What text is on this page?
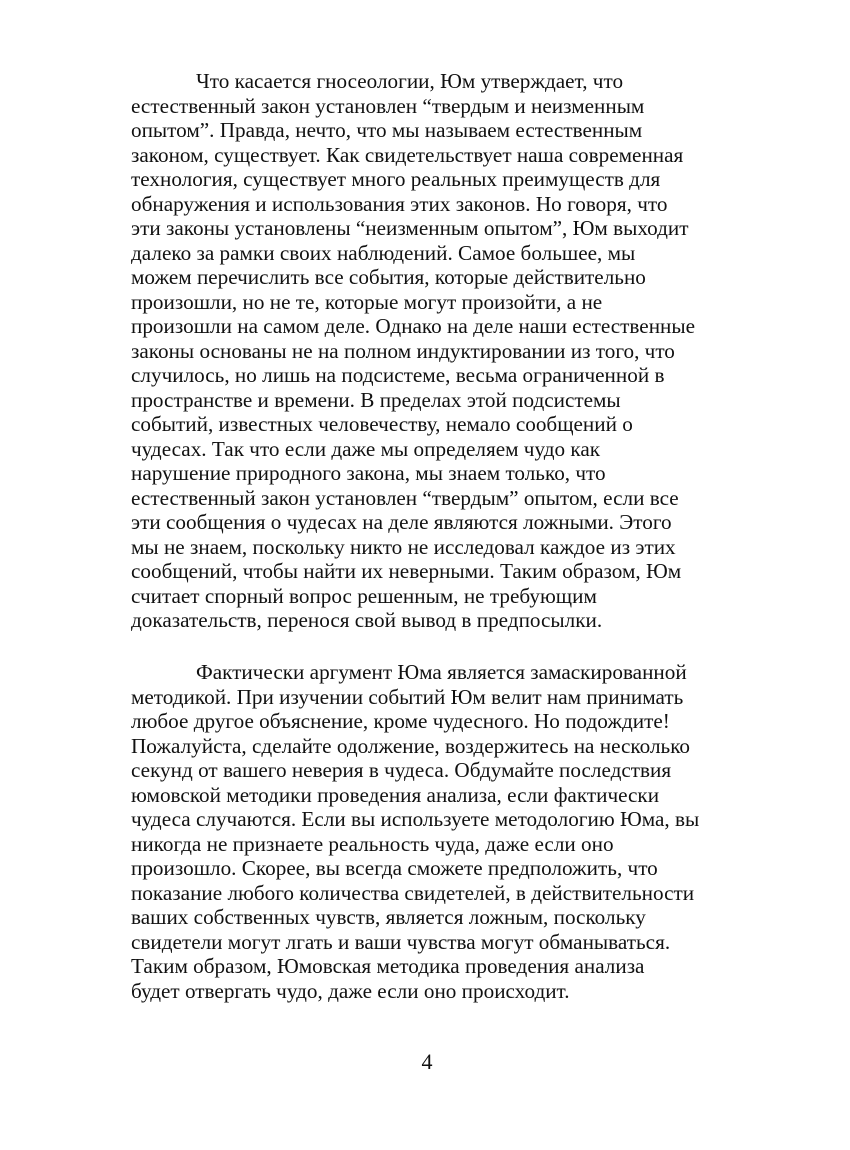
Что касается гносеологии, Юм утверждает, что
естественный закон установлен “твердым и неизменным
опытом”. Правда, нечто, что мы называем естественным
законом, существует. Как свидетельствует наша современная
технология, существует много реальных преимуществ для
обнаружения и использования этих законов. Но говоря, что
эти законы установлены “неизменным опытом”, Юм выходит
далеко за рамки своих наблюдений. Самое большее, мы
можем перечислить все события, которые действительно
произошли, но не те, которые могут произойти, а не
произошли на самом деле. Однако на деле наши естественные
законы основаны не на полном индуктировании из того, что
случилось, но лишь на подсистеме, весьма ограниченной в
пространстве и времени. В пределах этой подсистемы
событий, известных человечеству, немало сообщений о
чудесах. Так что если даже мы определяем чудо как
нарушение природного закона, мы знаем только, что
естественный закон установлен “твердым” опытом, если все
эти сообщения о чудесах на деле являются ложными. Этого
мы не знаем, поскольку никто не исследовал каждое из этих
сообщений, чтобы найти их неверными. Таким образом, Юм
считает спорный вопрос решенным, не требующим
доказательств, перенося свой вывод в предпосылки.

Фактически аргумент Юма является замаскированной
методикой. При изучении событий Юм велит нам принимать
любое другое объяснение, кроме чудесного. Но подождите!
Пожалуйста, сделайте одолжение, воздержитесь на несколько
секунд от вашего неверия в чудеса. Обдумайте последствия
юмовской методики проведения анализа, если фактически
чудеса случаются. Если вы используете методологию Юма, вы
никогда не признаете реальность чуда, даже если оно
произошло. Скорее, вы всегда сможете предположить, что
показание любого количества свидетелей, в действительности
ваших собственных чувств, является ложным, поскольку
свидетели могут лгать и ваши чувства могут обманываться.
Таким образом, Юмовская методика проведения анализа
будет отвергать чудо, даже если оно происходит.

4
